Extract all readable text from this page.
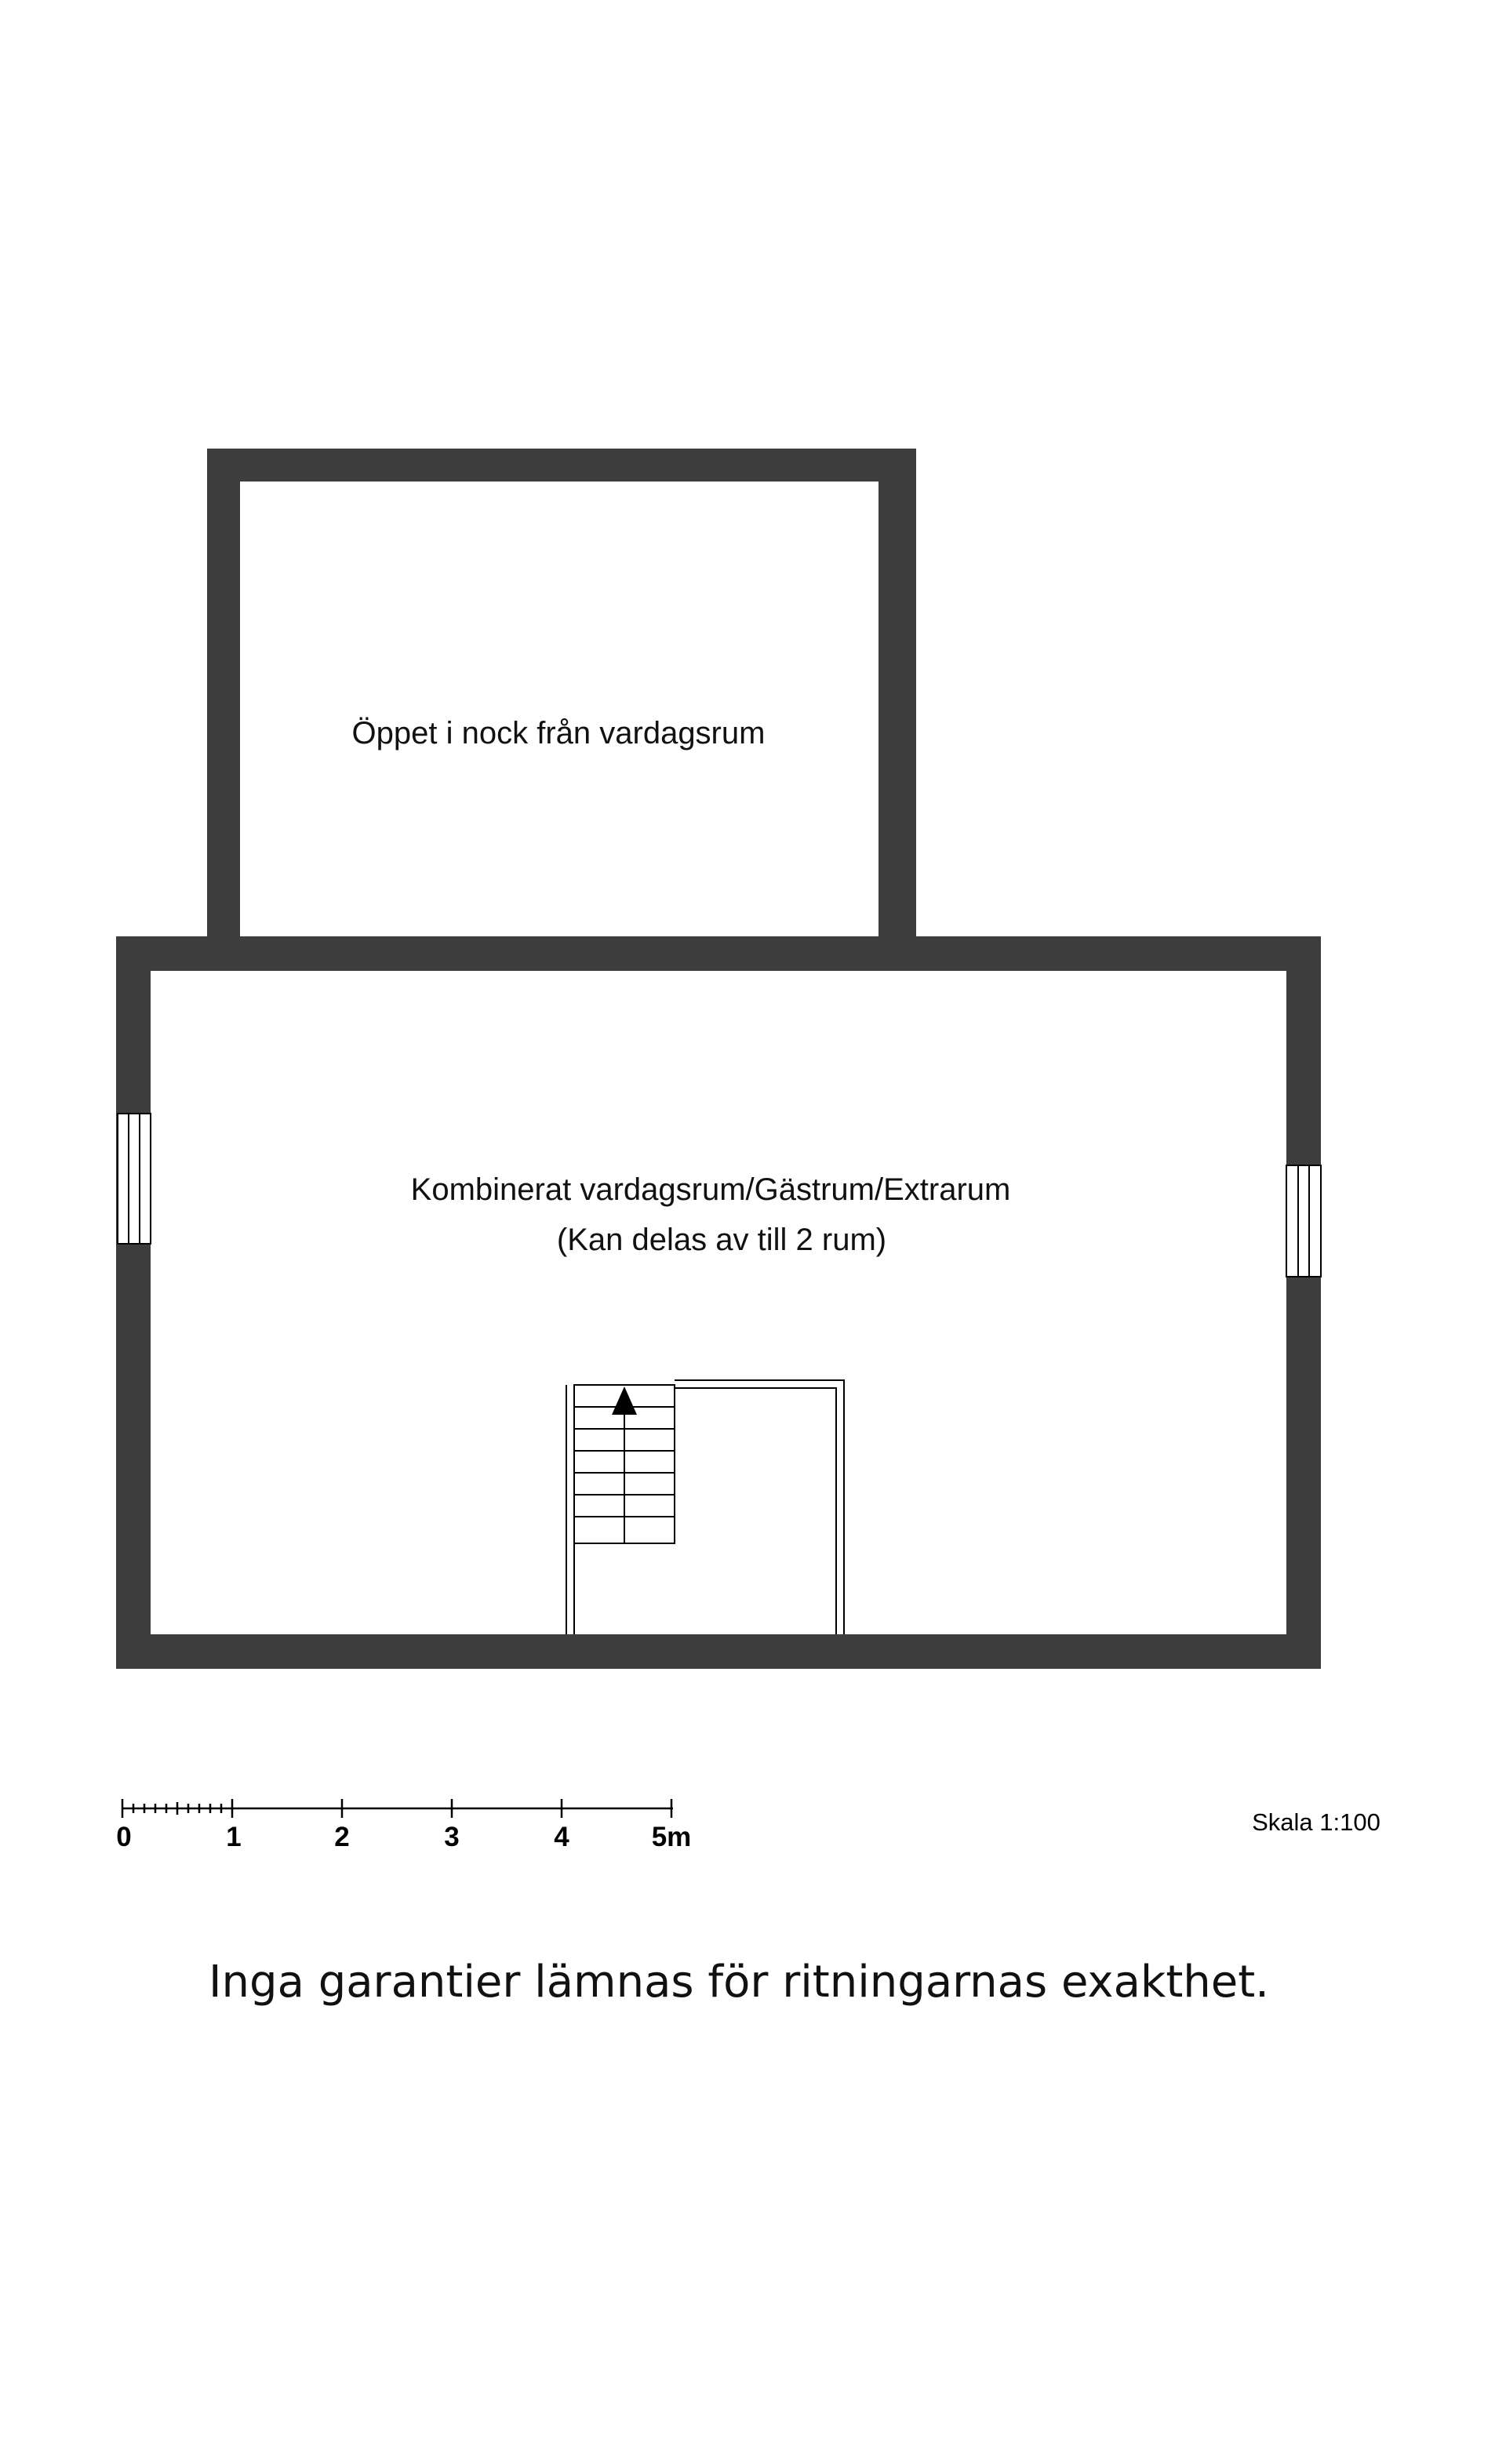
Öppet i nock från vardagsrum
Kombinerat vardagsrum/Gästrum/Extrarum
(Kan delas av till 2 rum)
0	1	2	3	4	5m	Skala 1:100
Inga garantier lämnas för ritningarnas exakthet.
